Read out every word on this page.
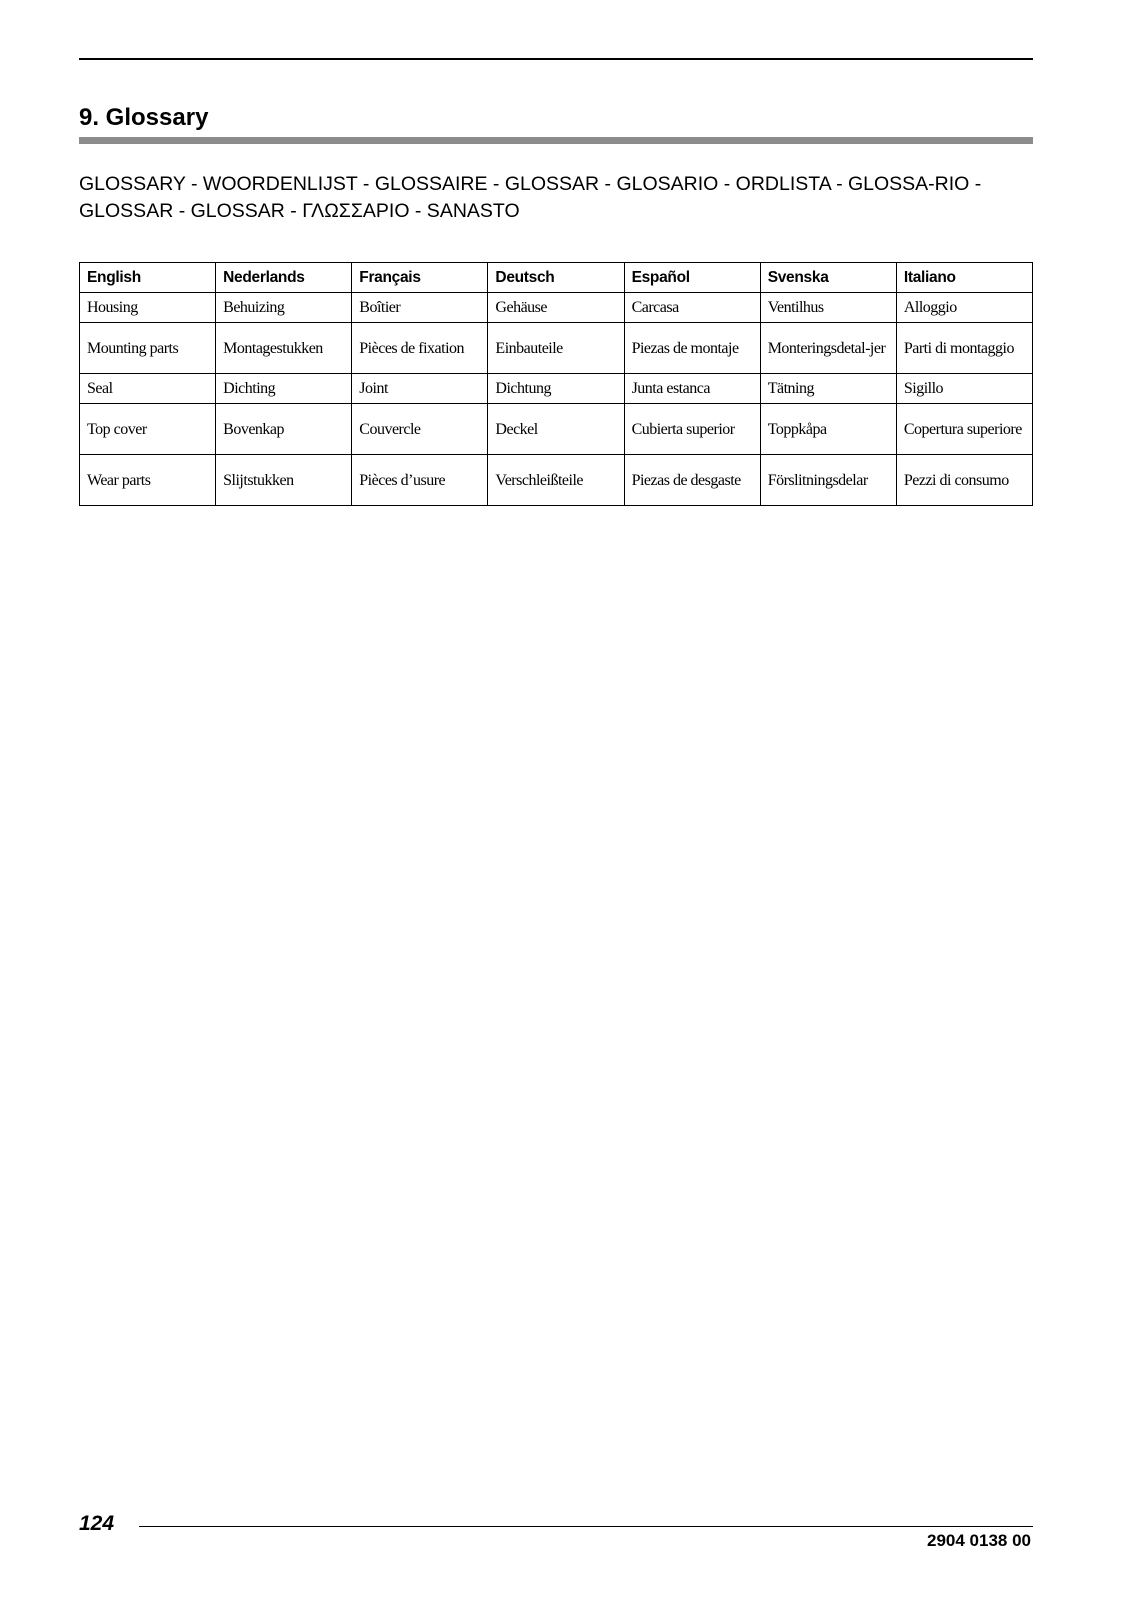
9. Glossary

GLOSSARY - WOORDENLIJST - GLOSSAIRE - GLOSSAR - GLOSARIO - ORDLISTA - GLOSSA-RIO - GLOSSAR - GLOSSAR - ΓΛΩΣΣΑΡΙΟ - SANASTO

English	Nederlands	Français	Deutsch	Español	Svenska	Italiano
Housing	Behuizing	Boîtier	Gehäuse	Carcasa	Ventilhus	Alloggio
Mounting parts	Montagestukken	Pièces de fixation	Einbauteile	Piezas de montaje	Monteringsdetal-jer	Parti di montaggio
Seal	Dichting	Joint	Dichtung	Junta estanca	Tätning	Sigillo
Top cover	Bovenkap	Couvercle	Deckel	Cubierta superior	Toppkåpa	Copertura superiore
Wear parts	Slijtstukken	Pièces d’usure	Verschleißteile	Piezas de desgaste	Förslitningsdelar	Pezzi di consumo
124
2904 0138 00
